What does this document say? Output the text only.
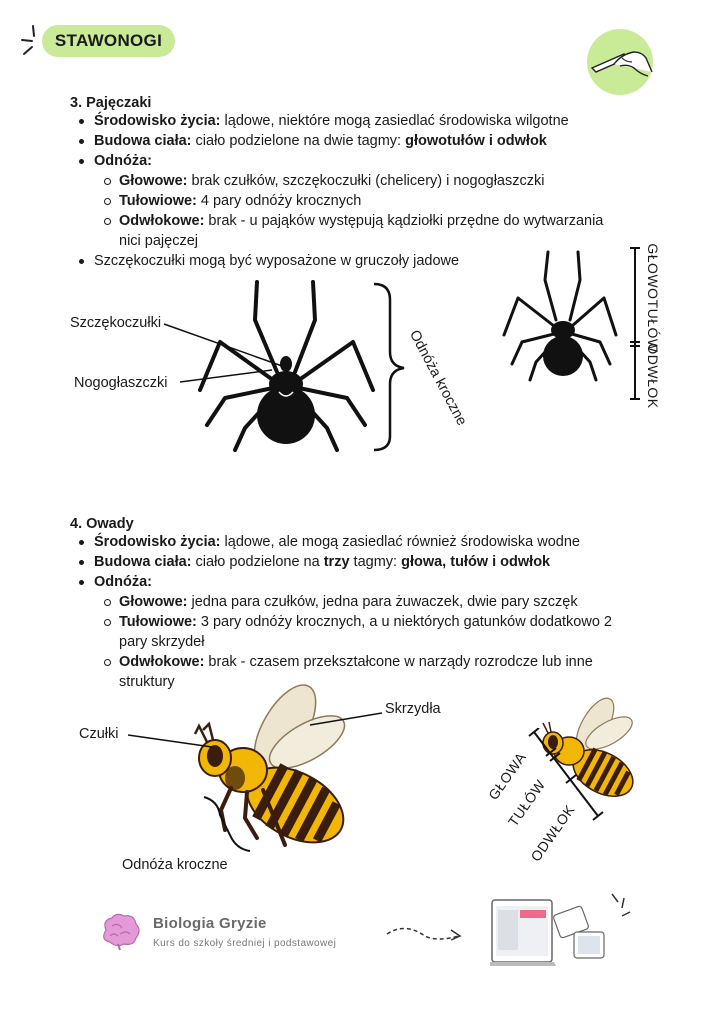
STAWONOGI
3. Pajęczaki
Środowisko życia: lądowe, niektóre mogą zasiedlać środowiska wilgotne
Budowa ciała: ciało podzielone na dwie tagmy: głowotułów i odwłok
Odnóża:
Głowowe: brak czułków, szczękoczułki (chelicery) i nogogłaszczki
Tułowiowe: 4 pary odnóży krocznych
Odwłokowe: brak - u pająków występują kądziołki przędne do wytwarzania
nici pajęczej
Szczękoczułki mogą być wyposażone w gruczoły jadowe
Szczękoczułki
Nogogłaszczki	Odnóża kroczne
GŁOWOTUŁÓW
ODWŁOK
4. Owady
Środowisko życia: lądowe, ale mogą zasiedlać również środowiska wodne
Budowa ciała: ciało podzielone na trzy tagmy: głowa, tułów i odwłok
Odnóża:
Głowowe: jedna para czułków, jedna para żuwaczek, dwie pary szczęk
Tułowiowe: 3 pary odnóży krocznych, a u niektórych gatunków dodatkowo 2
pary skrzydeł
Odwłokowe: brak - czasem przekształcone w narządy rozrodcze lub inne
struktury
Czułki
Skrzydła
Odnóża kroczne
GŁOWA
TUŁÓW
ODWŁOK
Biologia Gryzie
Kurs do szkoły średniej i podstawowej
